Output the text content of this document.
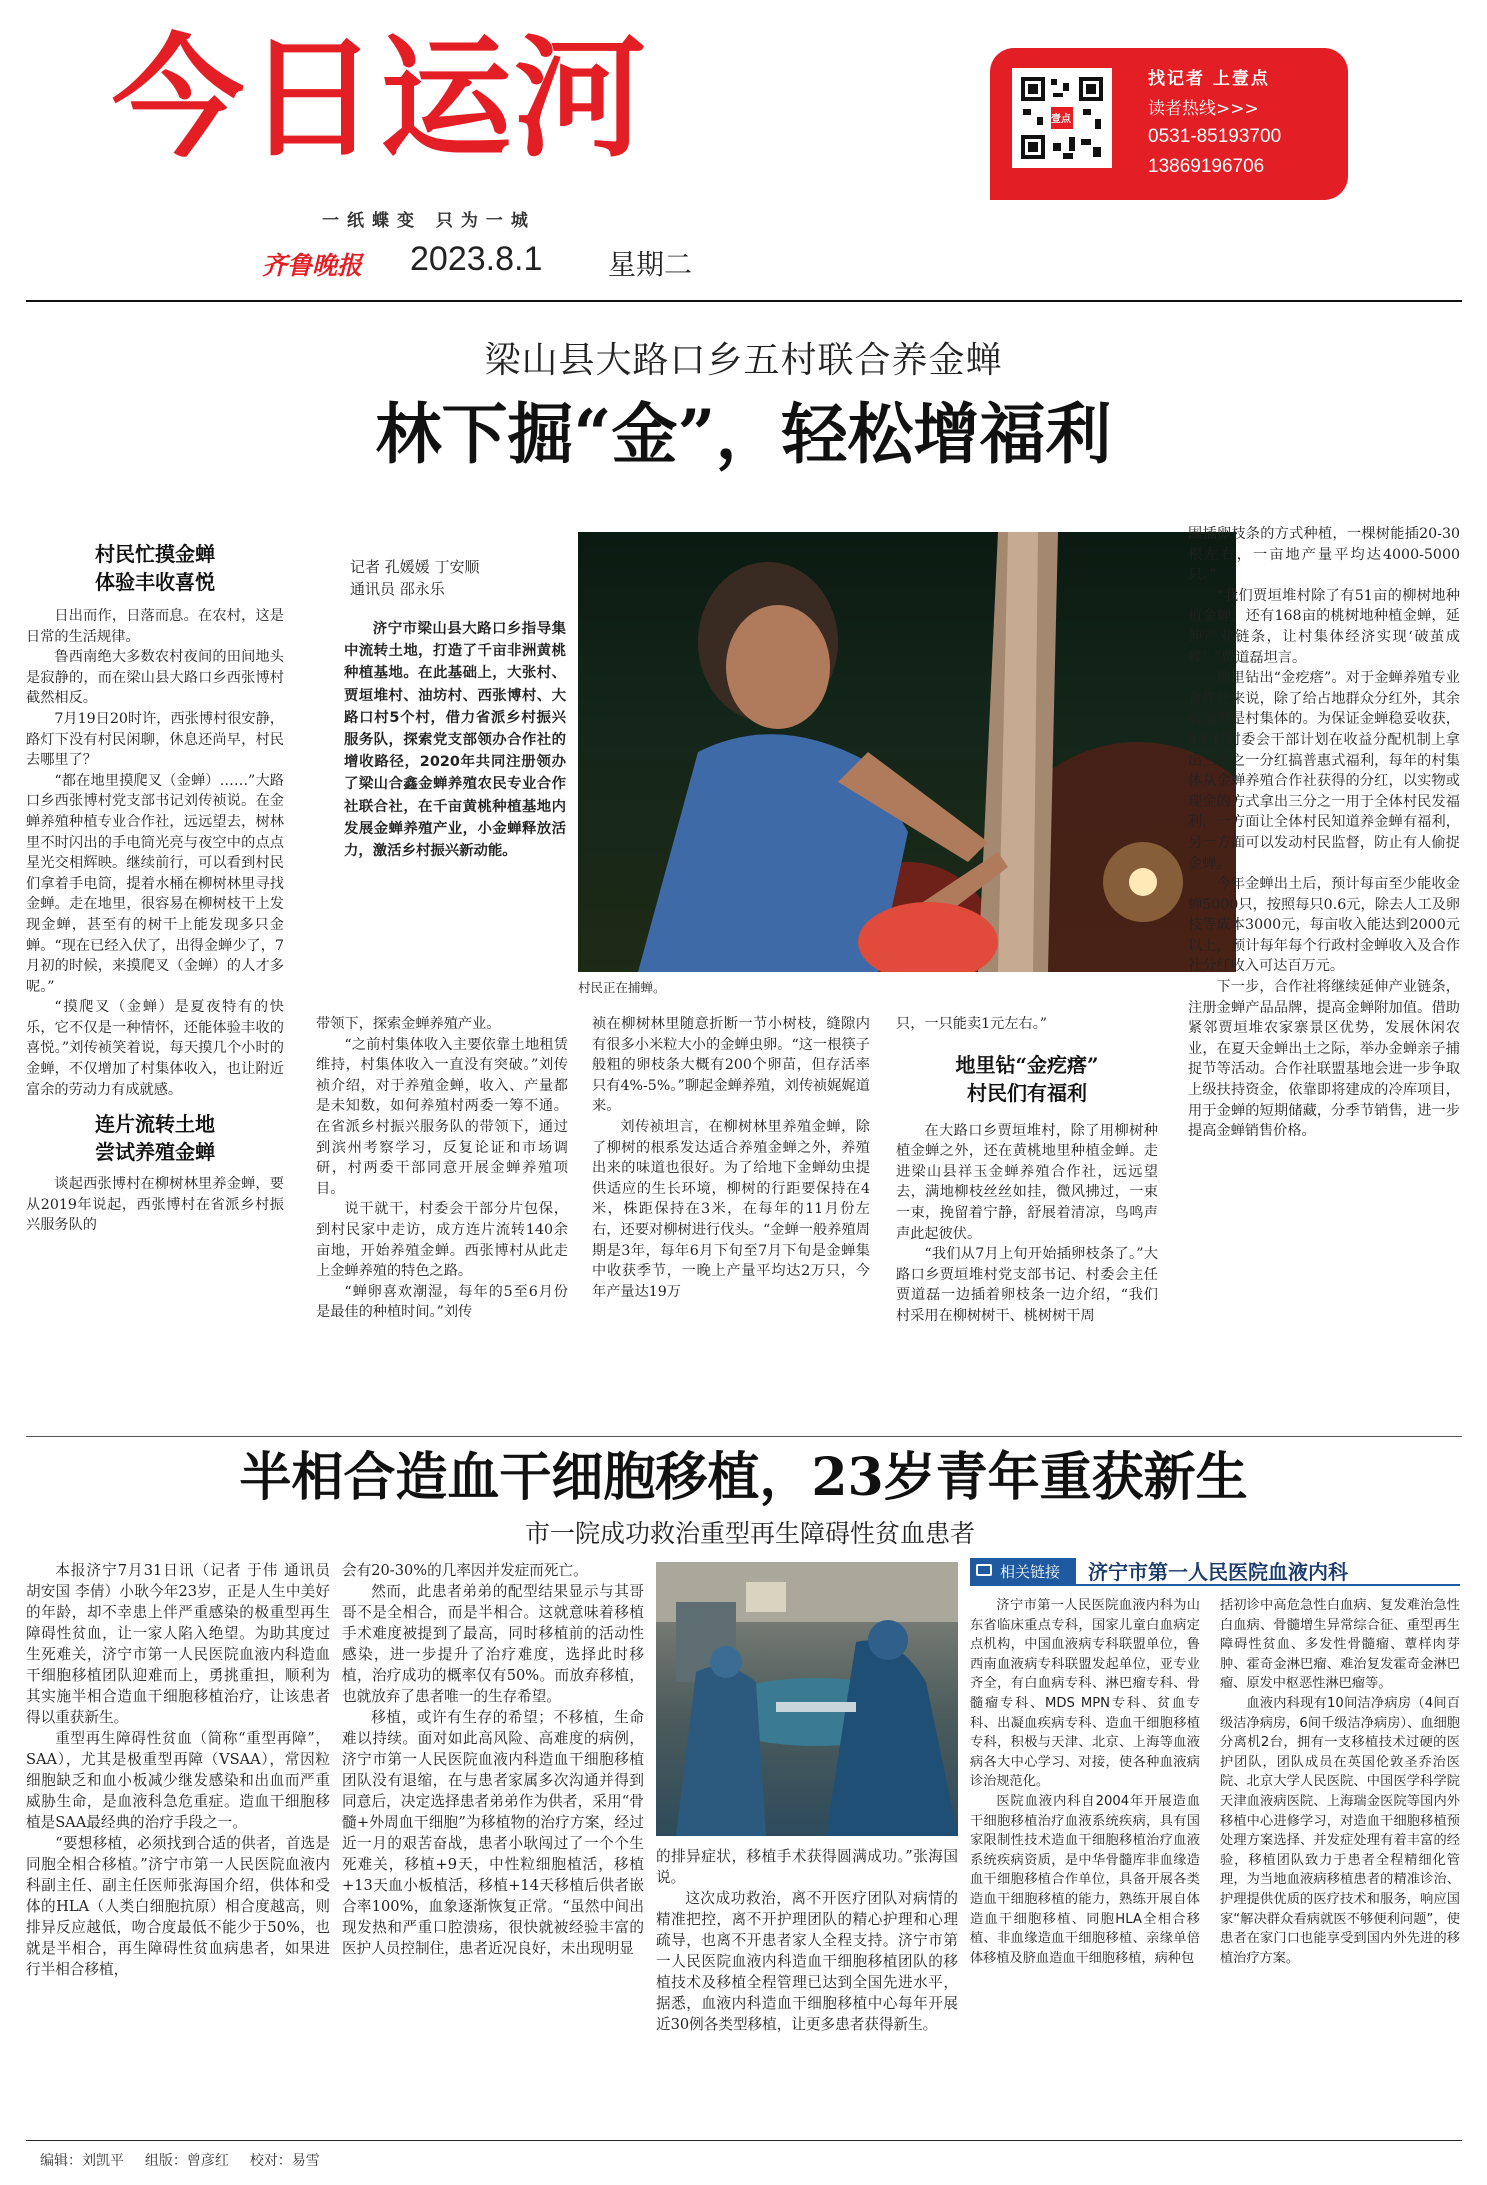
今日运河
一纸蝶变 只为一城
齐鲁晚报 2023.8.1 星期二
壹点
找记者 上壹点
读者热线>>>
0531-85193700
13869196706
梁山县大路口乡五村联合养金蝉
林下掘“金”，轻松增福利
村民忙摸金蝉
体验丰收喜悦

日出而作，日落而息。在农村，这是日常的生活规律。

鲁西南绝大多数农村夜间的田间地头是寂静的，而在梁山县大路口乡西张博村截然相反。

7月19日20时许，西张博村很安静，路灯下没有村民闲聊，休息还尚早，村民去哪里了？

“都在地里摸爬叉（金蝉）……”大路口乡西张博村党支部书记刘传祯说。在金蝉养殖种植专业合作社，远远望去，树林里不时闪出的手电筒光亮与夜空中的点点星光交相辉映。继续前行，可以看到村民们拿着手电筒，提着水桶在柳树林里寻找金蝉。走在地里，很容易在柳树枝干上发现金蝉，甚至有的树干上能发现多只金蝉。“现在已经入伏了，出得金蝉少了，7月初的时候，来摸爬叉（金蝉）的人才多呢。”

“摸爬叉（金蝉）是夏夜特有的快乐，它不仅是一种情怀，还能体验丰收的喜悦。”刘传祯笑着说，每天摸几个小时的金蝉，不仅增加了村集体收入，也让附近富余的劳动力有成就感。

连片流转土地
尝试养殖金蝉

谈起西张博村在柳树林里养金蝉，要从2019年说起，西张博村在省派乡村振兴服务队的

记者 孔媛媛 丁安顺
通讯员 邵永乐

济宁市梁山县大路口乡指导集中流转土地，打造了千亩非洲黄桃种植基地。在此基础上，大张村、贾垣堆村、油坊村、西张博村、大路口村5个村，借力省派乡村振兴服务队，探索党支部领办合作社的增收路径，2020年共同注册领办了梁山合鑫金蝉养殖农民专业合作社联合社，在千亩黄桃种植基地内发展金蝉养殖产业，小金蝉释放活力，激活乡村振兴新动能。

村民正在捕蝉。

带领下，探索金蝉养殖产业。

“之前村集体收入主要依靠土地租赁维持，村集体收入一直没有突破。”刘传祯介绍，对于养殖金蝉，收入、产量都是未知数，如何养殖村两委一筹不通。在省派乡村振兴服务队的带领下，通过到滨州考察学习，反复论证和市场调研，村两委干部同意开展金蝉养殖项目。

说干就干，村委会干部分片包保，到村民家中走访，成方连片流转140余亩地，开始养殖金蝉。西张博村从此走上金蝉养殖的特色之路。

“蝉卵喜欢潮湿，每年的5至6月份是最佳的种植时间。”刘传

祯在柳树林里随意折断一节小树枝，缝隙内有很多小米粒大小的金蝉虫卵。“这一根筷子般粗的卵枝条大概有200个卵苗，但存活率只有4%-5%。”聊起金蝉养殖，刘传祯娓娓道来。

刘传祯坦言，在柳树林里养殖金蝉，除了柳树的根系发达适合养殖金蝉之外，养殖出来的味道也很好。为了给地下金蝉幼虫提供适应的生长环境，柳树的行距要保持在4米，株距保持在3米，在每年的11月份左右，还要对柳树进行伐头。“金蝉一般养殖周期是3年，每年6月下旬至7月下旬是金蝉集中收获季节，一晚上产量平均达2万只，今年产量达19万

只，一只能卖1元左右。”

地里钻“金疙瘩”
村民们有福利

在大路口乡贾垣堆村，除了用柳树种植金蝉之外，还在黄桃地里种植金蝉。走进梁山县祥玉金蝉养殖合作社，远远望去，满地柳枝丝丝如挂，微风拂过，一束一束，挽留着宁静，舒展着清凉，鸟鸣声声此起彼伏。

“我们从7月上旬开始插卵枝条了。”大路口乡贾垣堆村党支部书记、村委会主任贾道磊一边插着卵枝条一边介绍，“我们村采用在柳树树干、桃树树干周

围插卵枝条的方式种植，一棵树能插20-30根左右，一亩地产量平均达4000-5000只。”

“我们贾垣堆村除了有51亩的柳树地种植金蝉，还有168亩的桃树地种植金蝉，延伸产业链条，让村集体经济实现‘破茧成蝶’。”贾道磊坦言。

地里钻出“金疙瘩”。对于金蝉养殖专业合作社来说，除了给占地群众分红外，其余收益都是村集体的。为保证金蝉稳妥收获，5个村村委会干部计划在收益分配机制上拿出三分之一分红搞普惠式福利，每年的村集体从金蝉养殖合作社获得的分红，以实物或现金的方式拿出三分之一用于全体村民发福利，一方面让全体村民知道养金蝉有福利，另一方面可以发动村民监督，防止有人偷捉金蝉。

今年金蝉出土后，预计每亩至少能收金蝉5000只，按照每只0.6元，除去人工及卵枝等成本3000元，每亩收入能达到2000元以上，预计每年每个行政村金蝉收入及合作社分红收入可达百万元。

下一步，合作社将继续延伸产业链条，注册金蝉产品品牌，提高金蝉附加值。借助紧邻贾垣堆农家寨景区优势，发展休闲农业，在夏天金蝉出土之际，举办金蝉亲子捕捉节等活动。合作社联盟基地会进一步争取上级扶持资金，依靠即将建成的冷库项目，用于金蝉的短期储藏，分季节销售，进一步提高金蝉销售价格。

半相合造血干细胞移植，23岁青年重获新生
市一院成功救治重型再生障碍性贫血患者

本报济宁7月31日讯（记者 于伟 通讯员 胡安国 李倩）小耿今年23岁，正是人生中美好的年龄，却不幸患上伴严重感染的极重型再生障碍性贫血，让一家人陷入绝望。为助其度过生死难关，济宁市第一人民医院血液内科造血干细胞移植团队迎难而上，勇挑重担，顺利为其实施半相合造血干细胞移植治疗，让该患者得以重获新生。

重型再生障碍性贫血（简称“重型再障”，SAA），尤其是极重型再障（VSAA），常因粒细胞缺乏和血小板减少继发感染和出血而严重威胁生命，是血液科急危重症。造血干细胞移植是SAA最经典的治疗手段之一。

“要想移植，必须找到合适的供者，首选是同胞全相合移植。”济宁市第一人民医院血液内科副主任、副主任医师张海国介绍，供体和受体的HLA（人类白细胞抗原）相合度越高，则排异反应越低，吻合度最低不能少于50%，也就是半相合，再生障碍性贫血病患者，如果进行半相合移植，

会有20-30%的几率因并发症而死亡。

然而，此患者弟弟的配型结果显示与其哥哥不是全相合，而是半相合。这就意味着移植手术难度被提到了最高，同时移植前的活动性感染，进一步提升了治疗难度，选择此时移植，治疗成功的概率仅有50%。而放弃移植，也就放弃了患者唯一的生存希望。

移植，或许有生存的希望；不移植，生命难以持续。面对如此高风险、高难度的病例，济宁市第一人民医院血液内科造血干细胞移植团队没有退缩，在与患者家属多次沟通并得到同意后，决定选择患者弟弟作为供者，采用“骨髓+外周血干细胞”为移植物的治疗方案，经过近一月的艰苦奋战，患者小耿闯过了一个个生死难关，移植+9天，中性粒细胞植活，移植+13天血小板植活，移植+14天移植后供者嵌合率100%，血象逐渐恢复正常。“虽然中间出现发热和严重口腔溃疡，很快就被经验丰富的医护人员控制住，患者近况良好，未出现明显

的排异症状，移植手术获得圆满成功。”张海国说。

这次成功救治，离不开医疗团队对病情的精准把控，离不开护理团队的精心护理和心理疏导，也离不开患者家人全程支持。济宁市第一人民医院血液内科造血干细胞移植团队的移植技术及移植全程管理已达到全国先进水平，据悉，血液内科造血干细胞移植中心每年开展近30例各类型移植，让更多患者获得新生。

相关链接 济宁市第一人民医院血液内科

济宁市第一人民医院血液内科为山东省临床重点专科，国家儿童白血病定点机构，中国血液病专科联盟单位，鲁西南血液病专科联盟发起单位，亚专业齐全，有白血病专科、淋巴瘤专科、骨髓瘤专科、MDS MPN专科、贫血专科、出凝血疾病专科、造血干细胞移植专科，积极与天津、北京、上海等血液病各大中心学习、对接，使各种血液病诊治规范化。

医院血液内科自2004年开展造血干细胞移植治疗血液系统疾病，具有国家限制性技术造血干细胞移植治疗血液系统疾病资质，是中华骨髓库非血缘造血干细胞移植合作单位，具备开展各类造血干细胞移植的能力，熟练开展自体造血干细胞移植、同胞HLA全相合移植、非血缘造血干细胞移植、亲缘单倍体移植及脐血造血干细胞移植，病种包

括初诊中高危急性白血病、复发难治急性白血病、骨髓增生异常综合征、重型再生障碍性贫血、多发性骨髓瘤、蕈样肉芽肿、霍奇金淋巴瘤、难治复发霍奇金淋巴瘤、原发中枢恶性淋巴瘤等。

血液内科现有10间洁净病房（4间百级洁净病房，6间千级洁净病房）、血细胞分离机2台，拥有一支移植技术过硬的医护团队，团队成员在英国伦敦圣乔治医院、北京大学人民医院、中国医学科学院天津血液病医院、上海瑞金医院等国内外移植中心进修学习，对造血干细胞移植预处理方案选择、并发症处理有着丰富的经验，移植团队致力于患者全程精细化管理，为当地血液病移植患者的精准诊治、护理提供优质的医疗技术和服务，响应国家“解决群众看病就医不够便利问题”，使患者在家门口也能享受到国内外先进的移植治疗方案。

编辑：刘凯平 组版：曾彦红 校对：易雪
